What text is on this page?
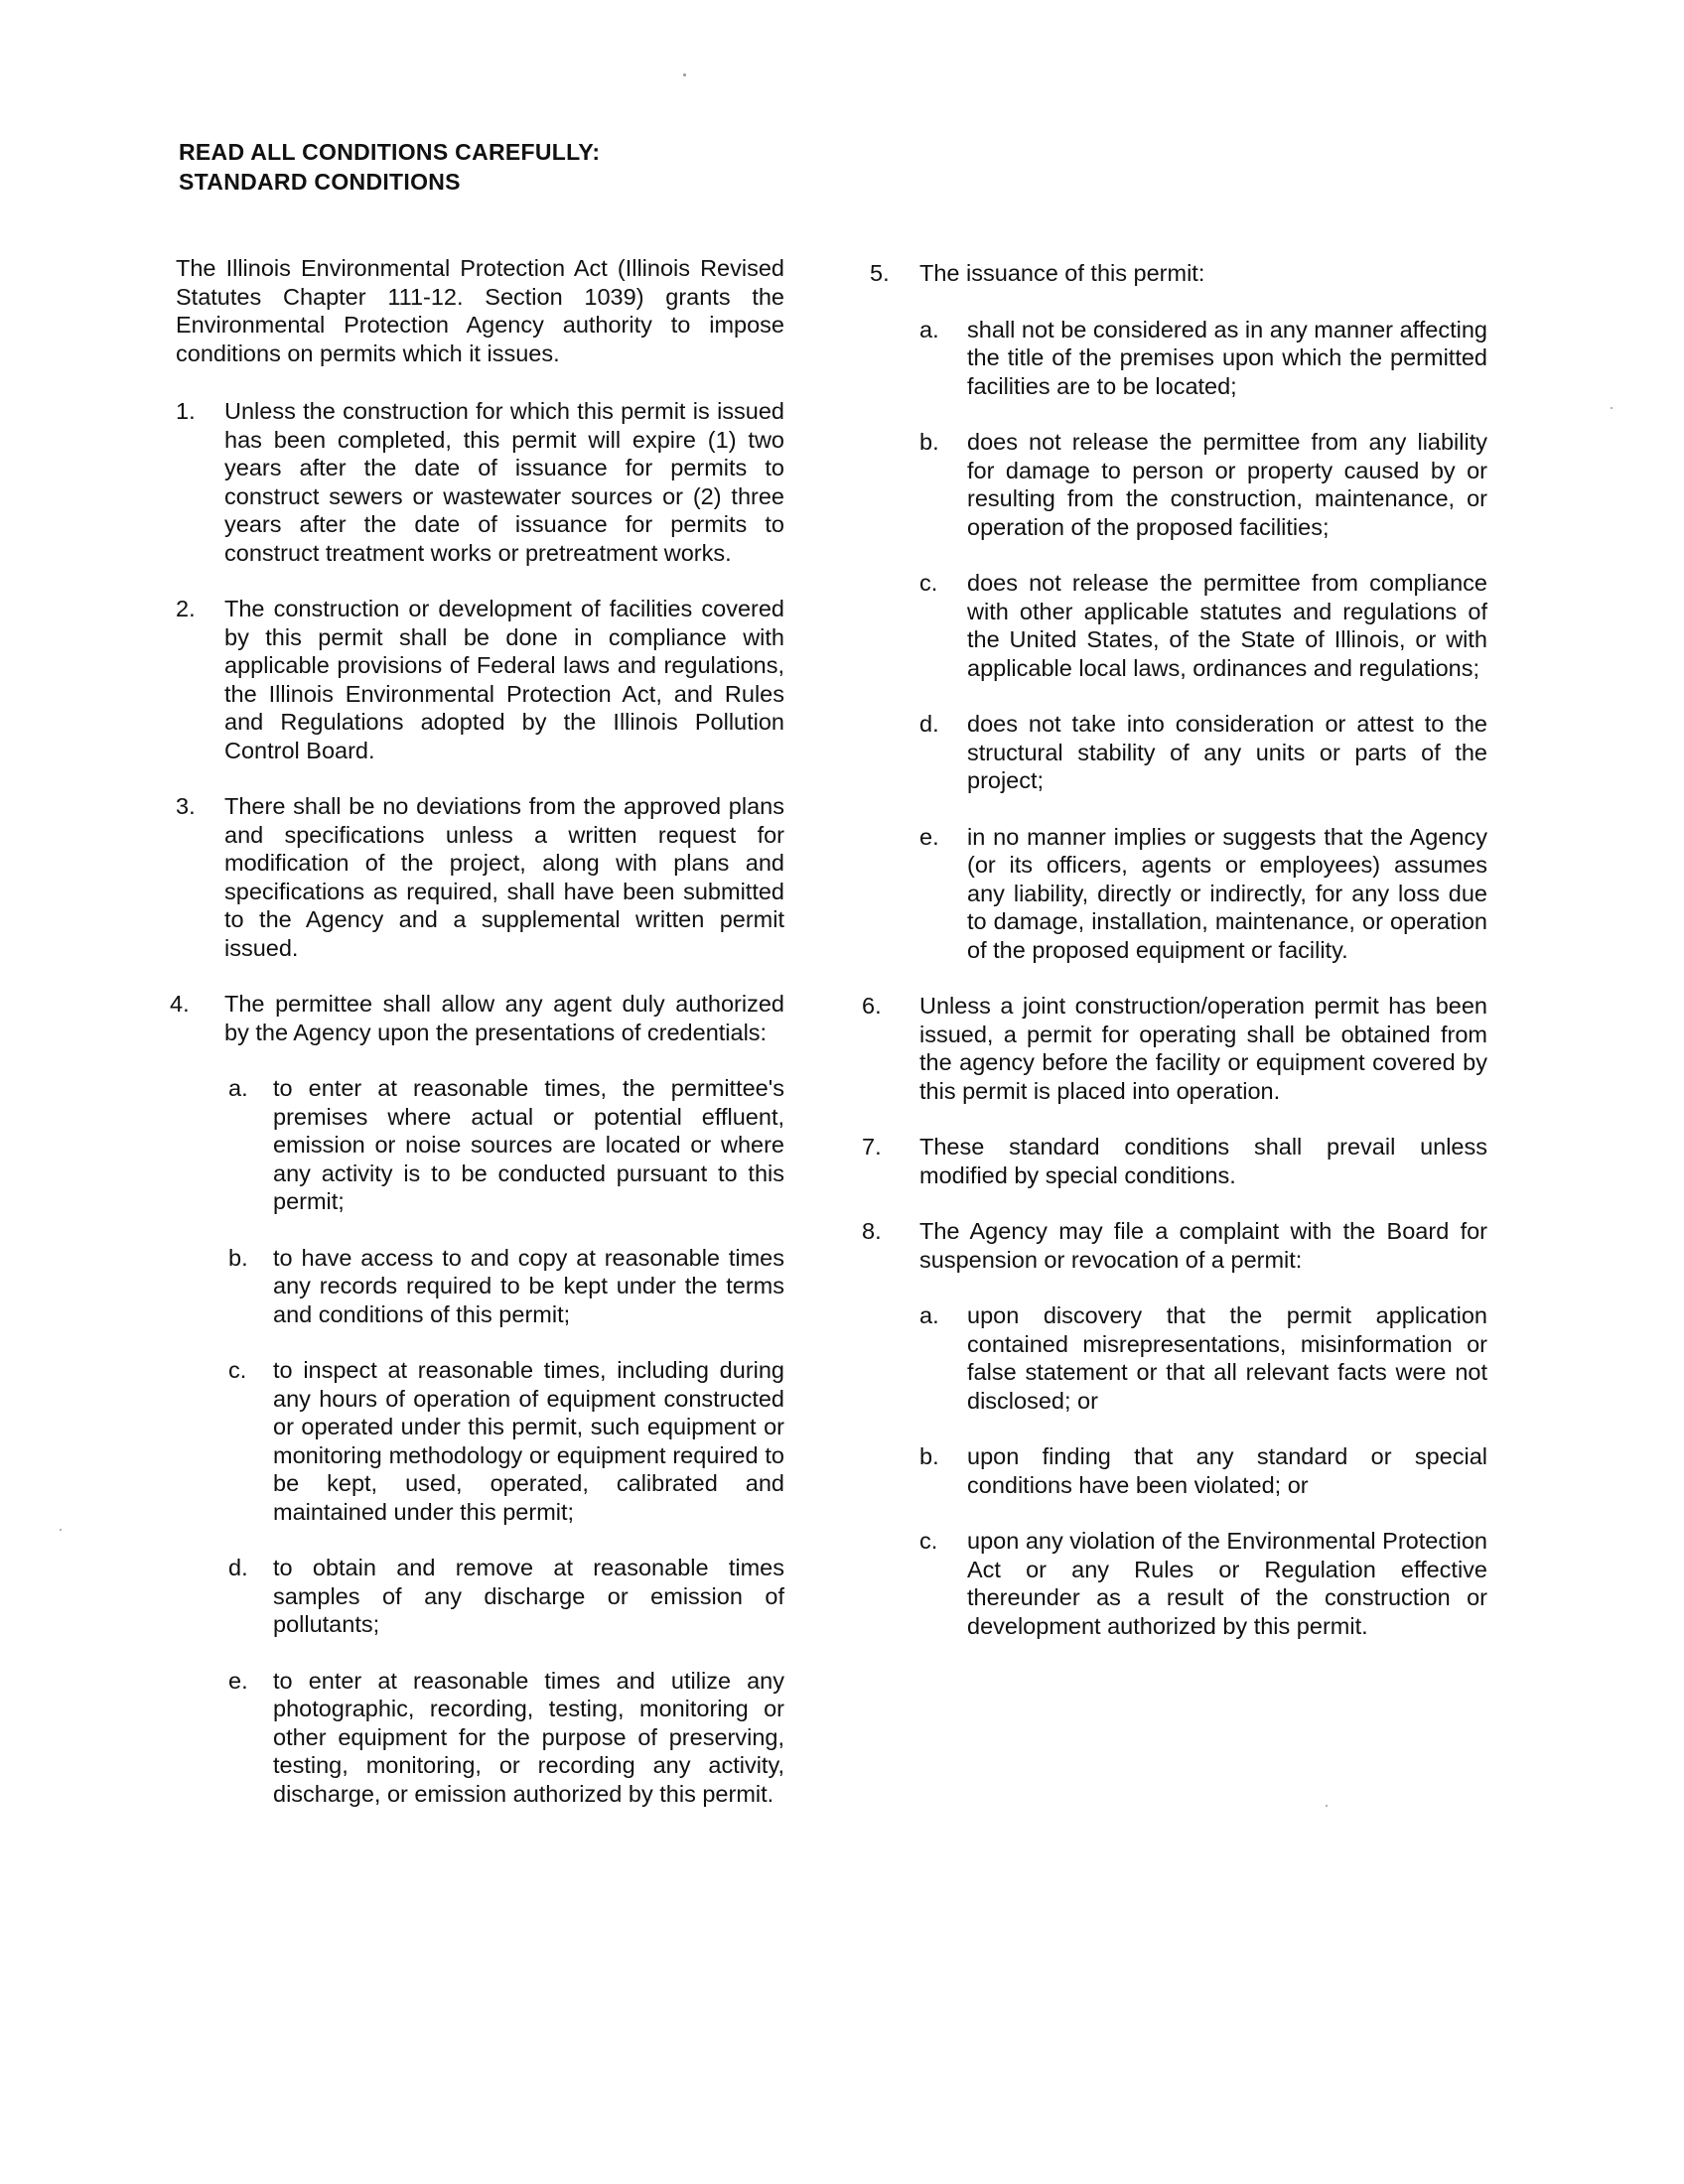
READ ALL CONDITIONS CAREFULLY:
STANDARD CONDITIONS

The Illinois Environmental Protection Act (Illinois Revised Statutes Chapter 111-12. Section 1039) grants the Environmental Protection Agency authority to impose conditions on permits which it issues.

1. Unless the construction for which this permit is issued has been completed, this permit will expire (1) two years after the date of issuance for permits to construct sewers or wastewater sources or (2) three years after the date of issuance for permits to construct treatment works or pretreatment works.
2. The construction or development of facilities covered by this permit shall be done in compliance with applicable provisions of Federal laws and regulations, the Illinois Environmental Protection Act, and Rules and Regulations adopted by the Illinois Pollution Control Board.
3. There shall be no deviations from the approved plans and specifications unless a written request for modification of the project, along with plans and specifications as required, shall have been submitted to the Agency and a supplemental written permit issued.
4. The permittee shall allow any agent duly authorized by the Agency upon the presentations of credentials:
a. to enter at reasonable times, the permittee's premises where actual or potential effluent, emission or noise sources are located or where any activity is to be conducted pursuant to this permit;
b. to have access to and copy at reasonable times any records required to be kept under the terms and conditions of this permit;
c. to inspect at reasonable times, including during any hours of operation of equipment constructed or operated under this permit, such equipment or monitoring methodology or equipment required to be kept, used, operated, calibrated and maintained under this permit;
d. to obtain and remove at reasonable times samples of any discharge or emission of pollutants;
e. to enter at reasonable times and utilize any photographic, recording, testing, monitoring or other equipment for the purpose of preserving, testing, monitoring, or recording any activity, discharge, or emission authorized by this permit.
5. The issuance of this permit:
a. shall not be considered as in any manner affecting the title of the premises upon which the permitted facilities are to be located;
b. does not release the permittee from any liability for damage to person or property caused by or resulting from the construction, maintenance, or operation of the proposed facilities;
c. does not release the permittee from compliance with other applicable statutes and regulations of the United States, of the State of Illinois, or with applicable local laws, ordinances and regulations;
d. does not take into consideration or attest to the structural stability of any units or parts of the project;
e. in no manner implies or suggests that the Agency (or its officers, agents or employees) assumes any liability, directly or indirectly, for any loss due to damage, installation, maintenance, or operation of the proposed equipment or facility.
6. Unless a joint construction/operation permit has been issued, a permit for operating shall be obtained from the agency before the facility or equipment covered by this permit is placed into operation.
7. These standard conditions shall prevail unless modified by special conditions.
8. The Agency may file a complaint with the Board for suspension or revocation of a permit:
a. upon discovery that the permit application contained misrepresentations, misinformation or false statement or that all relevant facts were not disclosed; or
b. upon finding that any standard or special conditions have been violated; or
c. upon any violation of the Environmental Protection Act or any Rules or Regulation effective thereunder as a result of the construction or development authorized by this permit.
